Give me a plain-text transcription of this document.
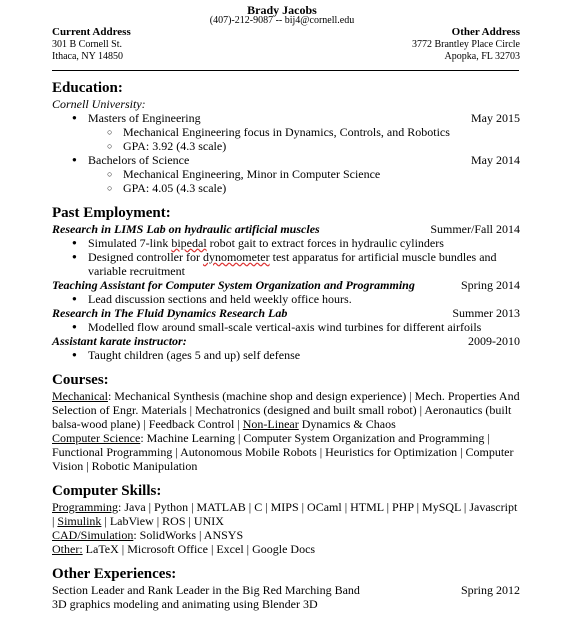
Brady Jacobs
(407)-212-9087 -- bij4@cornell.edu
Current Address
301 B Cornell St.
Ithaca, NY 14850
Other Address
3772 Brantley Place Circle
Apopka, FL 32703
Education:
Cornell University:
● Masters of Engineering	May 2015
○ Mechanical Engineering focus in Dynamics, Controls, and Robotics
○ GPA: 3.92 (4.3 scale)
● Bachelors of Science	May 2014
○ Mechanical Engineering, Minor in Computer Science
○ GPA: 4.05 (4.3 scale)
Past Employment:
Research in LIMS Lab on hydraulic artificial muscles	Summer/Fall 2014
● Simulated 7-link bipedal robot gait to extract forces in hydraulic cylinders
● Designed controller for dynomometer test apparatus for artificial muscle bundles and
variable recruitment
Teaching Assistant for Computer System Organization and Programming	Spring 2014
● Lead discussion sections and held weekly office hours.
Research in The Fluid Dynamics Research Lab	Summer 2013
● Modelled flow around small-scale vertical-axis wind turbines for different airfoils
Assistant karate instructor:	2009-2010
● Taught children (ages 5 and up) self defense
Courses:
Mechanical: Mechanical Synthesis (machine shop and design experience) | Mech. Properties And Selection of Engr. Materials | Mechatronics (designed and built small robot) | Aeronautics (built balsa-wood plane) | Feedback Control | Non-Linear Dynamics & Chaos
Computer Science: Machine Learning | Computer System Organization and Programming | Functional Programming | Autonomous Mobile Robots | Heuristics for Optimization | Computer Vision | Robotic Manipulation
Computer Skills:
Programming: Java | Python | MATLAB | C | MIPS | OCaml | HTML | PHP | MySQL | Javascript | Simulink | LabView | ROS | UNIX
CAD/Simulation: SolidWorks | ANSYS
Other: LaTeX | Microsoft Office | Excel | Google Docs
Other Experiences:
Section Leader and Rank Leader in the Big Red Marching Band	Spring 2012
3D graphics modeling and animating using Blender 3D
